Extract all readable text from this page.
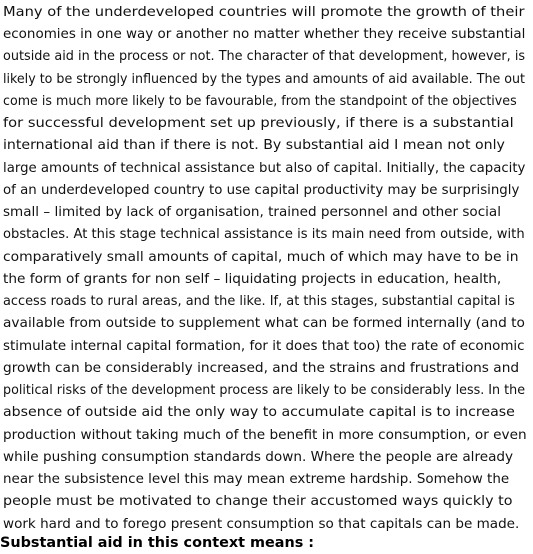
Many of the underdeveloped countries will promote the growth of their
economies in one way or another no matter whether they receive substantial
outside aid in the process or not. The character of that development, however, is
likely to be strongly influenced by the types and amounts of aid available. The out
come is much more likely to be favourable, from the standpoint of the objectives
for successful development set up previously, if there is a substantial
international aid than if there is not. By substantial aid I mean not only
large amounts of technical assistance but also of capital. Initially, the capacity
of an underdeveloped country to use capital productivity may be surprisingly
small – limited by lack of organisation, trained personnel and other social
obstacles. At this stage technical assistance is its main need from outside, with
comparatively small amounts of capital, much of which may have to be in
the form of grants for non self – liquidating projects in education, health,
access roads to rural areas, and the like. If, at this stages, substantial capital is
available from outside to supplement what can be formed internally (and to
stimulate internal capital formation, for it does that too) the rate of economic
growth can be considerably increased, and the strains and frustrations and
political risks of the development process are likely to be considerably less. In the
absence of outside aid the only way to accumulate capital is to increase
production without taking much of the benefit in more consumption, or even
while pushing consumption standards down. Where the people are already
near the subsistence level this may mean extreme hardship. Somehow the
people must be motivated to change their accustomed ways quickly to
work hard and to forego present consumption so that capitals can be made.
Substantial aid in this context means :
